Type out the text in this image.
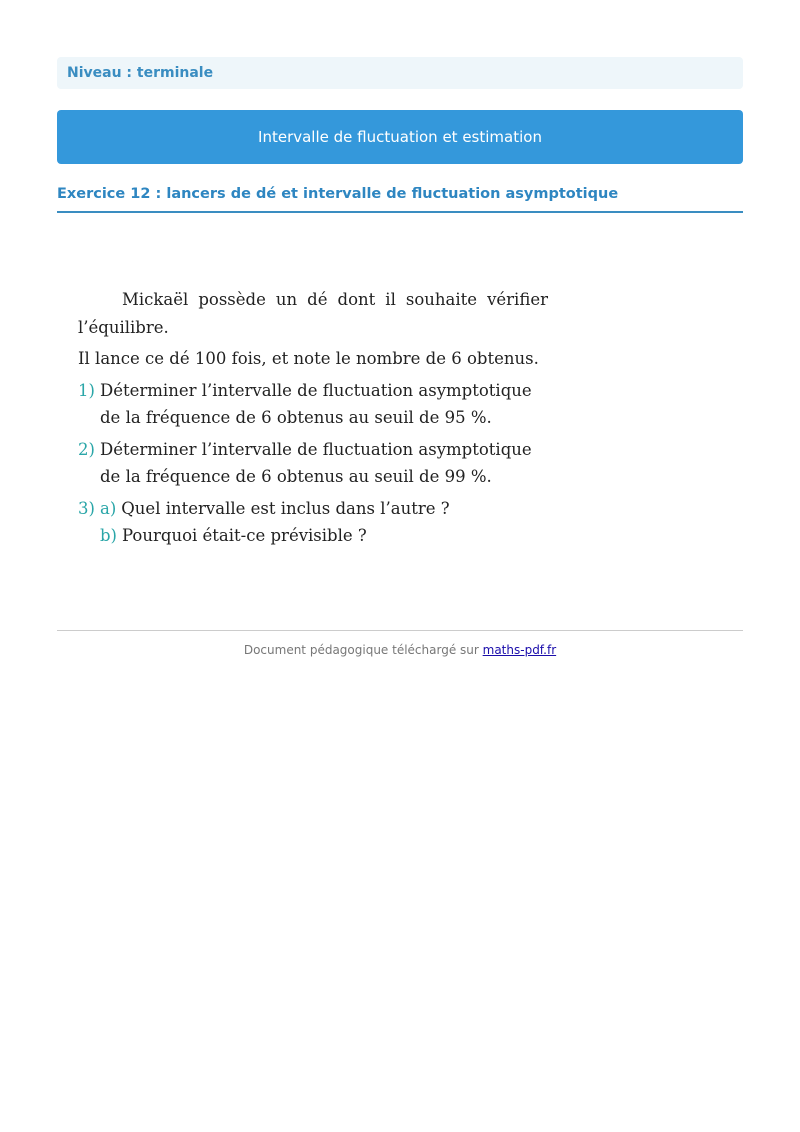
Niveau : terminale
Intervalle de fluctuation et estimation
Exercice 12 : lancers de dé et intervalle de fluctuation asymptotique

Mickaël possède un dé dont il souhaite vérifier l’équilibre.

Il lance ce dé 100 fois, et note le nombre de 6 obtenus.

1) Déterminer l’intervalle de fluctuation asymptotique de la fréquence de 6 obtenus au seuil de 95 %.

2) Déterminer l’intervalle de fluctuation asymptotique de la fréquence de 6 obtenus au seuil de 99 %.

3) a) Quel intervalle est inclus dans l’autre ?

b) Pourquoi était-ce prévisible ?

Document pédagogique téléchargé sur maths-pdf.fr
